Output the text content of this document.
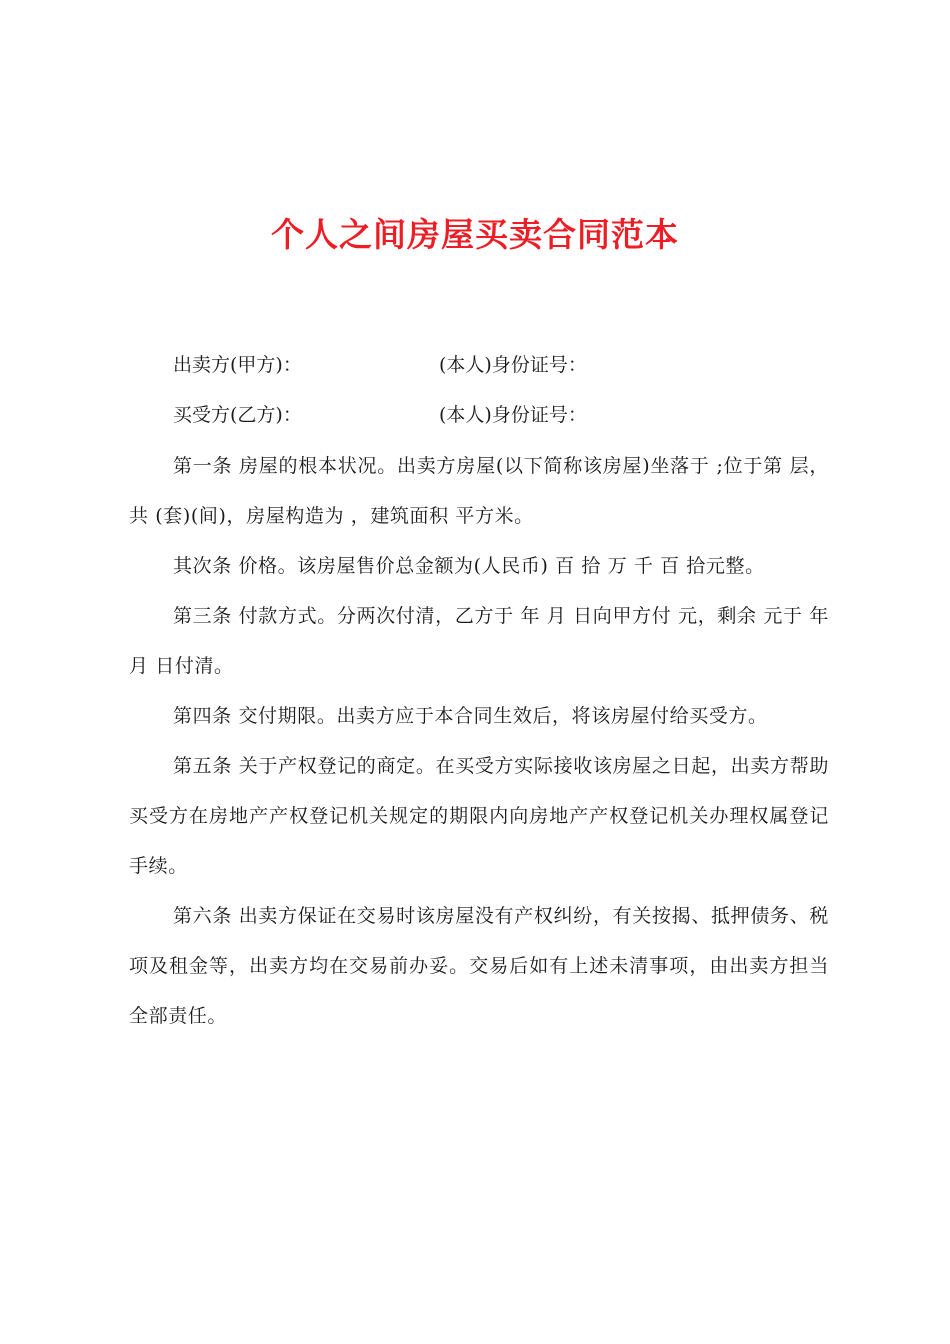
个人之间房屋买卖合同范本
出卖方(甲方)：	(本人)身份证号：
买受方(乙方)：	(本人)身份证号：

第一条 房屋的根本状况。出卖方房屋(以下简称该房屋)坐落于 ;位于第 层，共 (套)(间)，房屋构造为 ，建筑面积 平方米。

其次条 价格。该房屋售价总金额为(人民币) 百 拾 万 千 百 拾元整。

第三条 付款方式。分两次付清，乙方于 年 月 日向甲方付 元，剩余 元于 年 月 日付清。

第四条 交付期限。出卖方应于本合同生效后，将该房屋付给买受方。

第五条 关于产权登记的商定。在买受方实际接收该房屋之日起，出卖方帮助买受方在房地产产权登记机关规定的期限内向房地产产权登记机关办理权属登记手续。

第六条 出卖方保证在交易时该房屋没有产权纠纷，有关按揭、抵押债务、税项及租金等，出卖方均在交易前办妥。交易后如有上述未清事项，由出卖方担当全部责任。
